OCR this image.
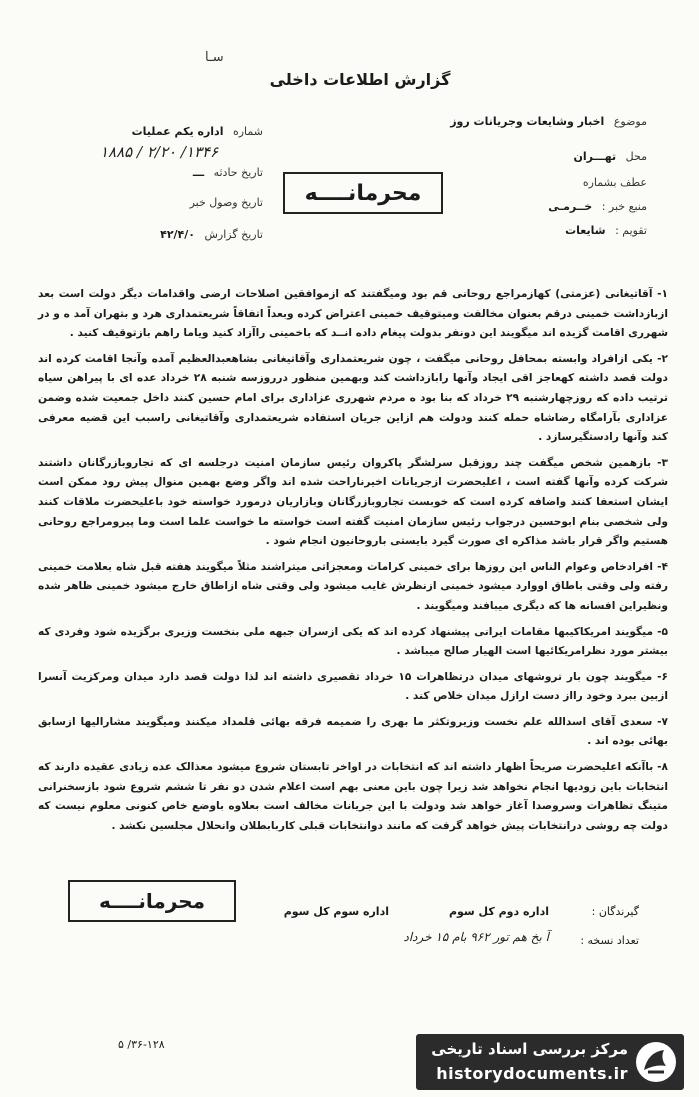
سـا
گزارش اطلاعات داخلی
موضوع اخبار وشایعات وجریانات روز
محل تهـــران
عطف بشماره
منبع خبر : خــرمـی
تقویم : شایعات
شماره اداره یکم عملیات
۱۳۴۶/ ۲/۲۰ / ۱۸۸۵
تاریخ حادثه ـــ
تاریخ وصول خبر
تاریخ گزارش ۴۲/۴/۰
محرمانــــه

۱- آقاتیغانی (عزمتی) کهازمراجع روحانی قم بود ومیگفتند که ازموافقین اصلاحات ارضی واقدامات دیگر دولت است بعد ازبازداشت خمینی درقم بعنوان مخالفت ومیتوقیف خمینی اعتراض کرده وبعداً اتفاقاً شریعتمداری هرد و بتهران آمد ه و در شهرری اقامت گزیده اند میگویند این دونفر بدولت پیغام داده انــد که باخمینی راآزاد کنید ویاما راهم بازتوقیف کنید .

۲- یکی ازافراد وابسته بمحافل روحانی میگفت ، چون شریعتمداری وآقاتیغانی بشاهعبدالعظیم آمده وآنجا اقامت کرده اند دولت قصد داشته کهعاجز اقی ایجاد وآنها رابازداشت کند وبهمین منظور درروزسه شنبه ۲۸ خرداد عده ای با پیراهن سیاه ترتیب داده که روزچهارشنبه ۲۹ خرداد که بنا بود ه مردم شهرری عزاداری برای امام حسین کنند داخل جمعیت شده وضمن عزاداری بآرامگاه رضاشاه حمله کنند ودولت هم ازاین جریان استفاده شریعتمداری وآقاتیغانی راسبب این قضیه معرفی کند وآنها رادستگیرسازد .

۳- بازهمین شخص میگفت چند روزقبل سرلشگر پاکروان رئیس سازمان امنیت درجلسه ای که تجاروبازرگانان داشتند شرکت کرده وآنها گفته است ، اعلیحضرت ازجریانات اخیرناراحت شده اند واگر وضع بهمین منوال پیش رود ممکن است ایشان استعفا کنند واضافه کرده است که خوبست تجاروبازرگانان وبازاریان درمورد خواسته خود باعلیحضرت ملاقات کنند ولی شخصی بنام ابوحسین درجواب رئیس سازمان امنیت گفته است خواسته ما خواست علما است وما پیرومراجع روحانی هستیم واگر قرار باشد مذاکره ای صورت گیرد بایستی باروحانیون انجام شود .

۴- افرادخاص وعوام الناس این روزها برای خمینی کرامات ومعجزاتی میتراشند مثلاً میگویند هفته قبل شاه بعلامت خمینی رفته ولی وقتی باطاق اووارد میشود خمینی ازنظرش غایب میشود ولی وقتی شاه ازاطاق خارج میشود خمینی ظاهر شده ونظیراین افسانه ها که دیگری میبافند ومیگویند .

۵- میگویند امریکاکیبها مقامات ایرانی پیشنهاد کرده اند که یکی ازسران جبهه ملی بنخست وزیری برگزیده شود وفردی که بیشتر مورد نظرامریکائیها است الهیار صالح میباشد .

۶- میگویند چون بار تروشهای میدان درتظاهرات ۱۵ خرداد تقصیری داشته اند لذا دولت قصد دارد میدان ومرکزیت آنسرا ازبین ببرد وخود رااز دست ارازل میدان خلاص کند .

۷- سعدی آقای اسدالله علم نخست وزیروتکثر ما بهری را ضمیمه فرقه بهائی قلمداد میکنند ومیگویند مشارالیها ازسابق بهائی بوده اند .

۸- باآنکه اعلیحضرت صریحاً اظهار داشته اند که انتخابات در اواخر تابستان شروع میشود معذالک عده زیادی عقیده دارند که انتخابات باین زودیها انجام نخواهد شد زیرا چون باین معنی بهم است اعلام شدن دو نفر تا ششم شروع شود بازسخنرانی متینگ تظاهرات وسروصدا آغاز خواهد شد ودولت با این جریانات مخالف است بعلاوه باوضع خاص کنونی معلوم نیست که دولت چه روشی درانتخابات پیش خواهد گرفت که مانند دوانتخابات قبلی کاربابطلان وانحلال مجلسین نکشد .

محرمانــــه	گیرندگان :
اداره دوم کل سوم
اداره سوم کل سوم
تعداد نسخه :
آ بخ هم تور ۹۶۲ بام ۱۵ خرداد
۳۶-۱۲۸/ ۵	مرکز بررسی اسناد تاریخی
historydocuments.ir
